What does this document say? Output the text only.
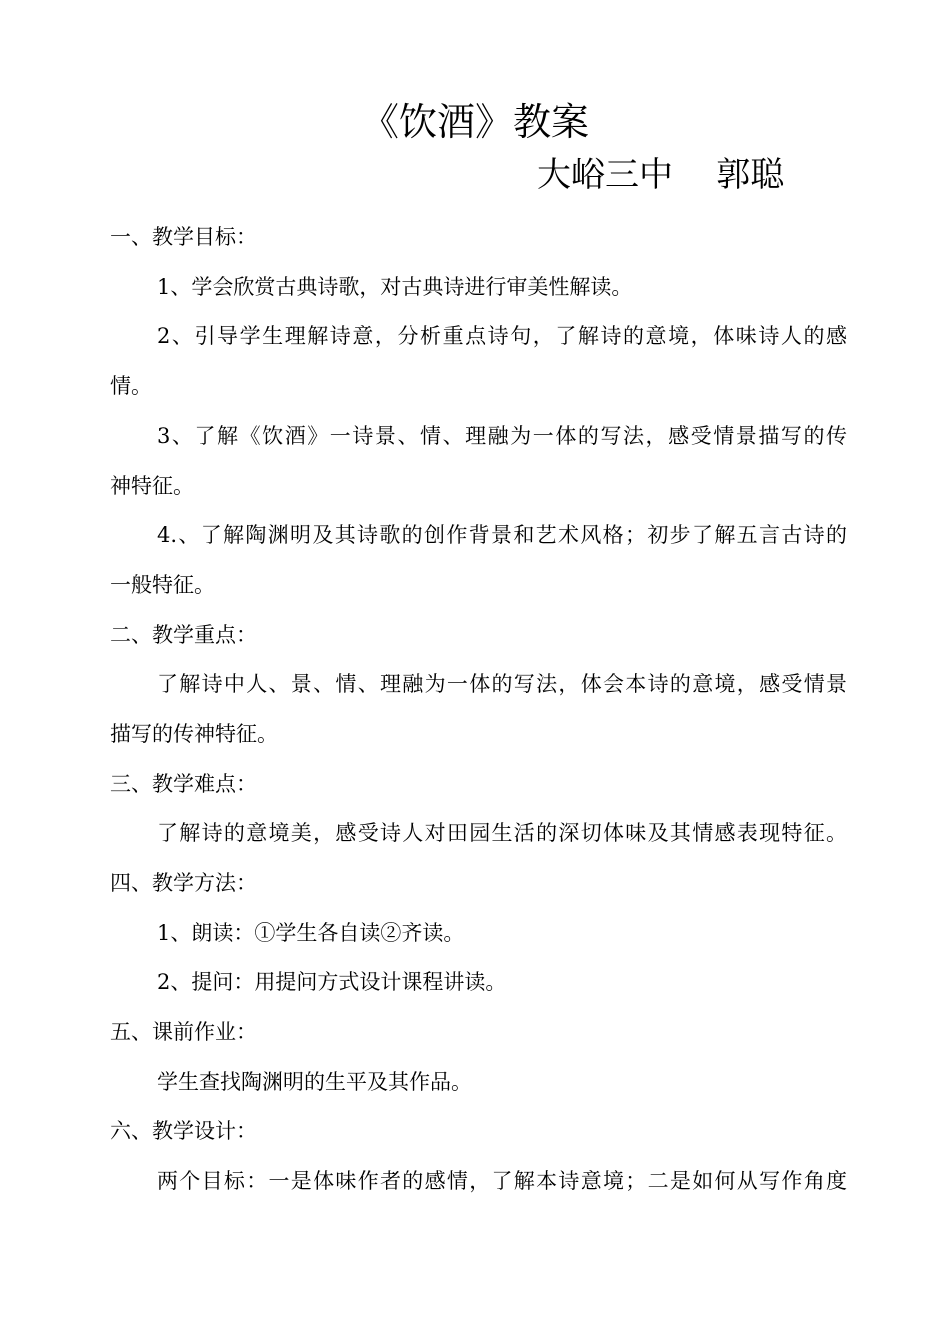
《饮酒》教案
大峪三中    郭聪
一、教学目标：
1、学会欣赏古典诗歌，对古典诗进行审美性解读。
2、引导学生理解诗意，分析重点诗句，了解诗的意境，体味诗人的感
情。
3、了解《饮酒》一诗景、情、理融为一体的写法，感受情景描写的传
神特征。
4.、了解陶渊明及其诗歌的创作背景和艺术风格；初步了解五言古诗的
一般特征。
二、教学重点：
了解诗中人、景、情、理融为一体的写法，体会本诗的意境，感受情景
描写的传神特征。
三、教学难点：
了解诗的意境美，感受诗人对田园生活的深切体味及其情感表现特征。
四、教学方法：
1、朗读：①学生各自读②齐读。
2、提问：用提问方式设计课程讲读。
五、课前作业：
学生查找陶渊明的生平及其作品。
六、教学设计：
两个目标：一是体味作者的感情，了解本诗意境；二是如何从写作角度
